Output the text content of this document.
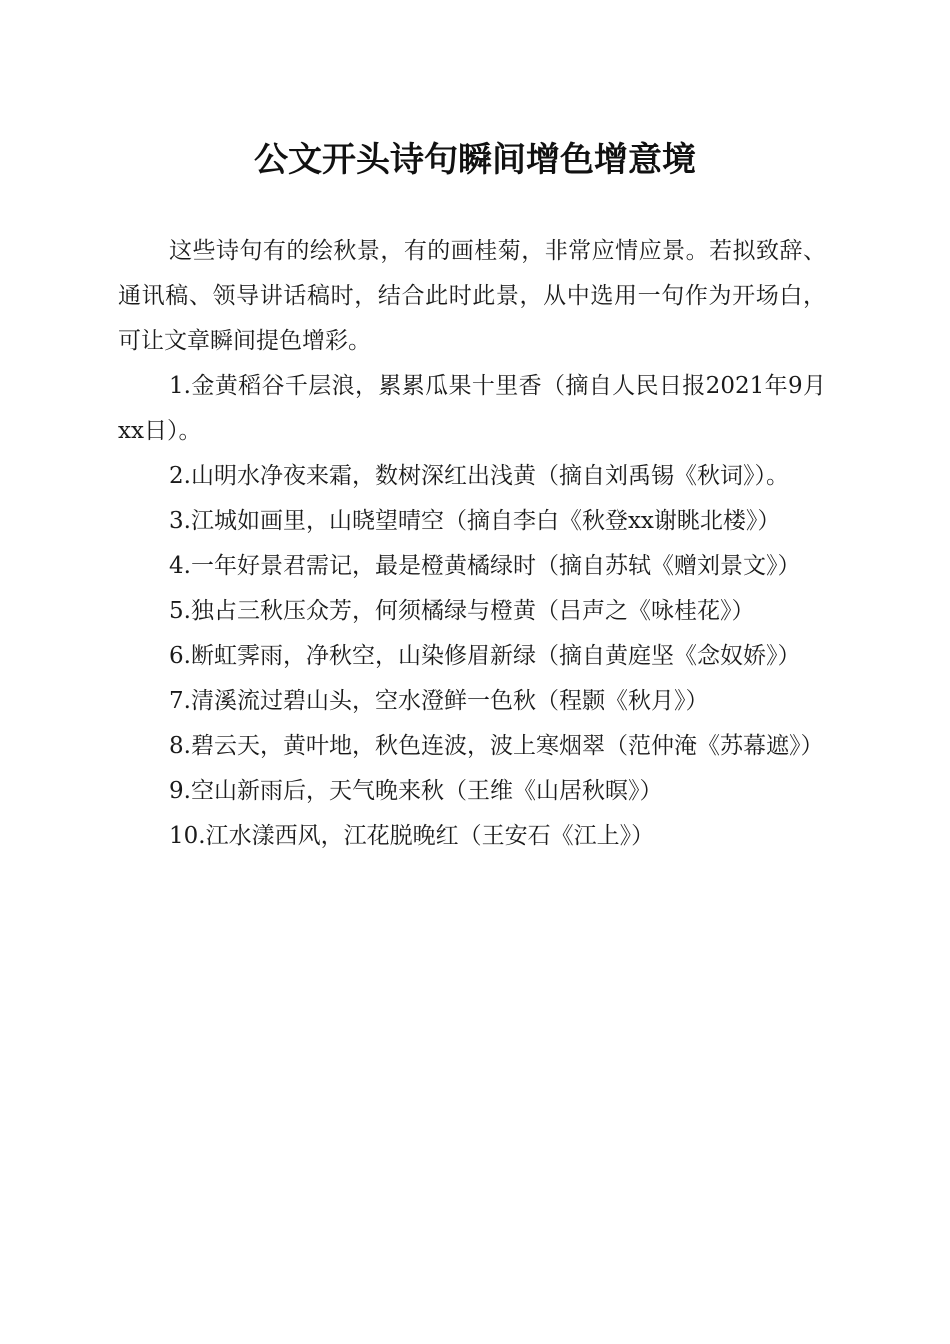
公文开头诗句瞬间增色增意境

这些诗句有的绘秋景，有的画桂菊，非常应情应景。若拟致辞、通讯稿、领导讲话稿时，结合此时此景，从中选用一句作为开场白，可让文章瞬间提色增彩。

1.金黄稻谷千层浪，累累瓜果十里香（摘自人民日报2021年9月xx日）。

2.山明水净夜来霜，数树深红出浅黄（摘自刘禹锡《秋词》）。

3.江城如画里，山晓望晴空（摘自李白《秋登xx谢眺北楼》）

4.一年好景君需记，最是橙黄橘绿时（摘自苏轼《赠刘景文》）

5.独占三秋压众芳，何须橘绿与橙黄（吕声之《咏桂花》）

6.断虹霁雨，净秋空，山染修眉新绿（摘自黄庭坚《念奴娇》）

7.清溪流过碧山头，空水澄鲜一色秋（程颢《秋月》）

8.碧云天，黄叶地，秋色连波，波上寒烟翠（范仲淹《苏幕遮》）

9.空山新雨后，天气晚来秋（王维《山居秋暝》）

10.江水漾西风，江花脱晚红（王安石《江上》）
